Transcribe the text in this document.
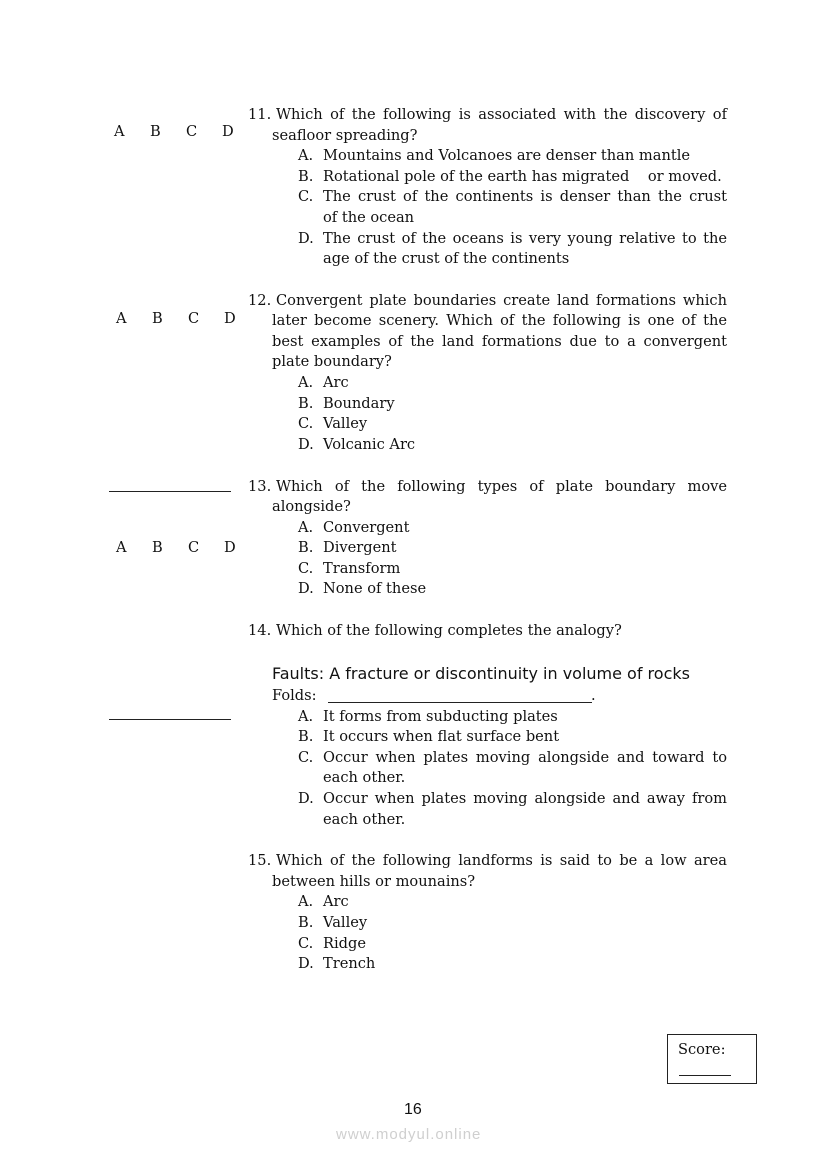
A B C D
A B C D
A B C D
11. Which of the following is associated with the discovery of
seafloor spreading?
A. Mountains and Volcanoes are denser than mantle
B. Rotational pole of the earth has migrated    or moved.
C. The crust of the continents is denser than the crust
of the ocean
D. The crust of the oceans is very young relative to the
age of the crust of the continents
12. Convergent plate boundaries create land formations which
later become scenery. Which of the following is one of the
best examples of the land formations due to a convergent
plate boundary?
A. Arc
B. Boundary
C. Valley
D. Volcanic Arc
13. Which of the following types of plate boundary move
alongside?
A. Convergent
B. Divergent
C. Transform
D. None of these
14. Which of the following completes the analogy?
Faults: A fracture or discontinuity in volume of rocks
Folds:	.
A. It forms from subducting plates
B. It occurs when flat surface bent
C. Occur when plates moving alongside and toward to
each other.
D. Occur when plates moving alongside and away from
each other.
15. Which of the following landforms is said to be a low area
between hills or mounains?
A. Arc
B. Valley
C. Ridge
D. Trench
Score:
16
www.modyul.online
